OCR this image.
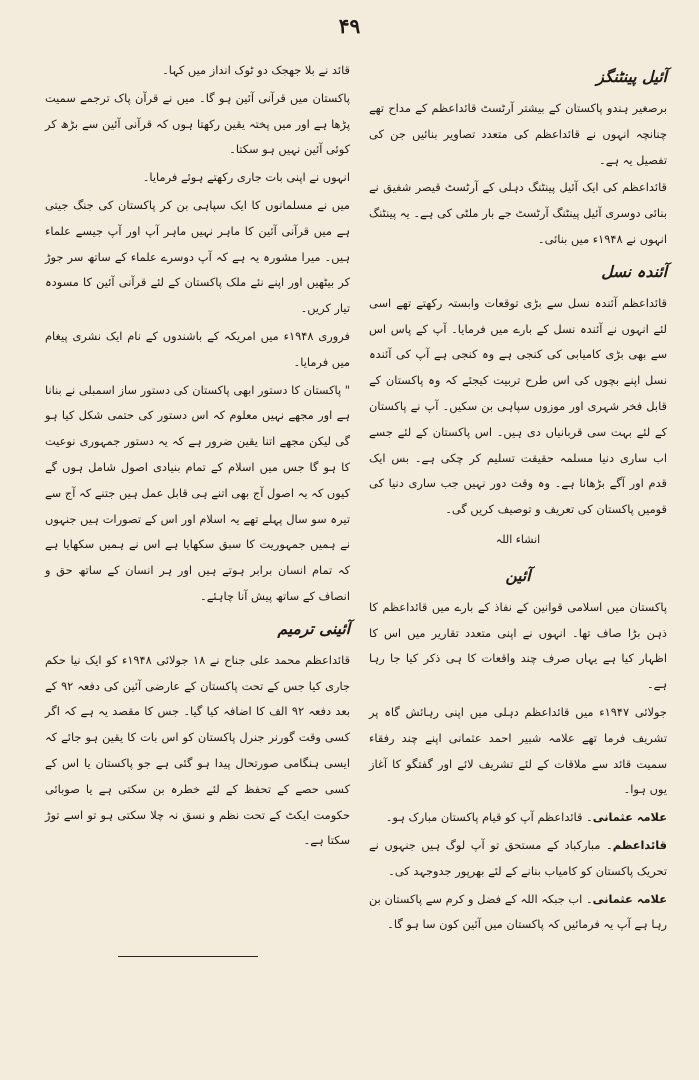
۴۹
آئیل پینٹنگز

برصغیر ہندو پاکستان کے بیشتر آرٹسٹ قائداعظم کے مداح تھے چنانچہ انہوں نے قائداعظم کی متعدد تصاویر بنائیں جن کی تفصیل یہ ہے۔

قائداعظم کی ایک آئیل پینٹنگ دہلی کے آرٹسٹ قیصر شفیق نے بنائی دوسری آئیل پینٹنگ آرٹسٹ جے بار ملٹی کی ہے۔ یہ پینٹنگ انہوں نے ۱۹۴۸ء میں بنائی۔

آئندہ نسل

قائداعظم آئندہ نسل سے بڑی توقعات وابستہ رکھتے تھے اسی لئے انہوں نے آئندہ نسل کے بارے میں فرمایا۔ آپ کے پاس اس سے بھی بڑی کامیابی کی کنجی ہے وہ کنجی ہے آپ کی آئندہ نسل اپنے بچوں کی اس طرح تربیت کیجئے کہ وہ پاکستان کے قابل فخر شہری اور موزوں سپاہی بن سکیں۔ آپ نے پاکستان کے لئے بہت سی قربانیاں دی ہیں۔ اس پاکستان کے لئے جسے اب ساری دنیا مسلمہ حقیقت تسلیم کر چکی ہے۔ بس ایک قدم اور آگے بڑھانا ہے۔ وہ وقت دور نہیں جب ساری دنیا کی قومیں پاکستان کی تعریف و توصیف کریں گی۔

انشاء اللہ
آئین

پاکستان میں اسلامی قوانین کے نفاذ کے بارے میں قائداعظم کا ذہن بڑا صاف تھا۔ انہوں نے اپنی متعدد تقاریر میں اس کا اظہار کیا ہے یہاں صرف چند واقعات کا ہی ذکر کیا جا رہا ہے۔

جولائی ۱۹۴۷ء میں قائداعظم دہلی میں اپنی رہائش گاہ پر تشریف فرما تھے علامہ شبیر احمد عثمانی اپنے چند رفقاء سمیت قائد سے ملاقات کے لئے تشریف لائے اور گفتگو کا آغاز یوں ہوا۔

علامہ عثمانی۔ قائداعظم آپ کو قیام پاکستان مبارک ہو۔

قائداعظم۔ مبارکباد کے مستحق تو آپ لوگ ہیں جنہوں نے تحریک پاکستان کو کامیاب بنانے کے لئے بھرپور جدوجہد کی۔

علامہ عثمانی۔ اب جبکہ اللہ کے فضل و کرم سے پاکستان بن رہا ہے آپ یہ فرمائیں کہ پاکستان میں آئین کون سا ہو گا۔

قائد نے بلا جھجک دو ٹوک انداز میں کہا۔

پاکستان میں قرآنی آئین ہو گا۔ میں نے قرآن پاک ترجمے سمیت پڑھا ہے اور میں پختہ یقین رکھتا ہوں کہ قرآنی آئین سے بڑھ کر کوئی آئین نہیں ہو سکتا۔

انہوں نے اپنی بات جاری رکھتے ہوئے فرمایا۔

میں نے مسلمانوں کا ایک سپاہی بن کر پاکستان کی جنگ جیتی ہے میں قرآنی آئین کا ماہر نہیں ماہر آپ اور آپ جیسے علماء ہیں۔ میرا مشورہ یہ ہے کہ آپ دوسرے علماء کے ساتھ سر جوڑ کر بیٹھیں اور اپنے نئے ملک پاکستان کے لئے قرآنی آئین کا مسودہ تیار کریں۔

فروری ۱۹۴۸ء میں امریکہ کے باشندوں کے نام ایک نشری پیغام میں فرمایا۔

" پاکستان کا دستور ابھی پاکستان کی دستور ساز اسمبلی نے بنانا ہے اور مجھے نہیں معلوم کہ اس دستور کی حتمی شکل کیا ہو گی لیکن مجھے اتنا یقین ضرور ہے کہ یہ دستور جمہوری نوعیت کا ہو گا جس میں اسلام کے تمام بنیادی اصول شامل ہوں گے کیوں کہ یہ اصول آج بھی اتنے ہی قابل عمل ہیں جتنے کہ آج سے تیرہ سو سال پہلے تھے یہ اسلام اور اس کے تصورات ہیں جنہوں نے ہمیں جمہوریت کا سبق سکھایا ہے اس نے ہمیں سکھایا ہے کہ تمام انسان برابر ہوتے ہیں اور ہر انسان کے ساتھ حق و انصاف کے ساتھ پیش آنا چاہئے۔

آئینی ترمیم

قائداعظم محمد علی جناح نے ۱۸ جولائی ۱۹۴۸ء کو ایک نیا حکم جاری کیا جس کے تحت پاکستان کے عارضی آئین کی دفعہ ۹۲ کے بعد دفعہ ۹۲ الف کا اضافہ کیا گیا۔ جس کا مقصد یہ ہے کہ اگر کسی وقت گورنر جنرل پاکستان کو اس بات کا یقین ہو جائے کہ ایسی ہنگامی صورتحال پیدا ہو گئی ہے جو پاکستان یا اس کے کسی حصے کے تحفظ کے لئے خطرہ بن سکتی ہے یا صوبائی حکومت ایکٹ کے تحت نظم و نسق نہ چلا سکتی ہو تو اسے توڑ سکتا ہے۔
